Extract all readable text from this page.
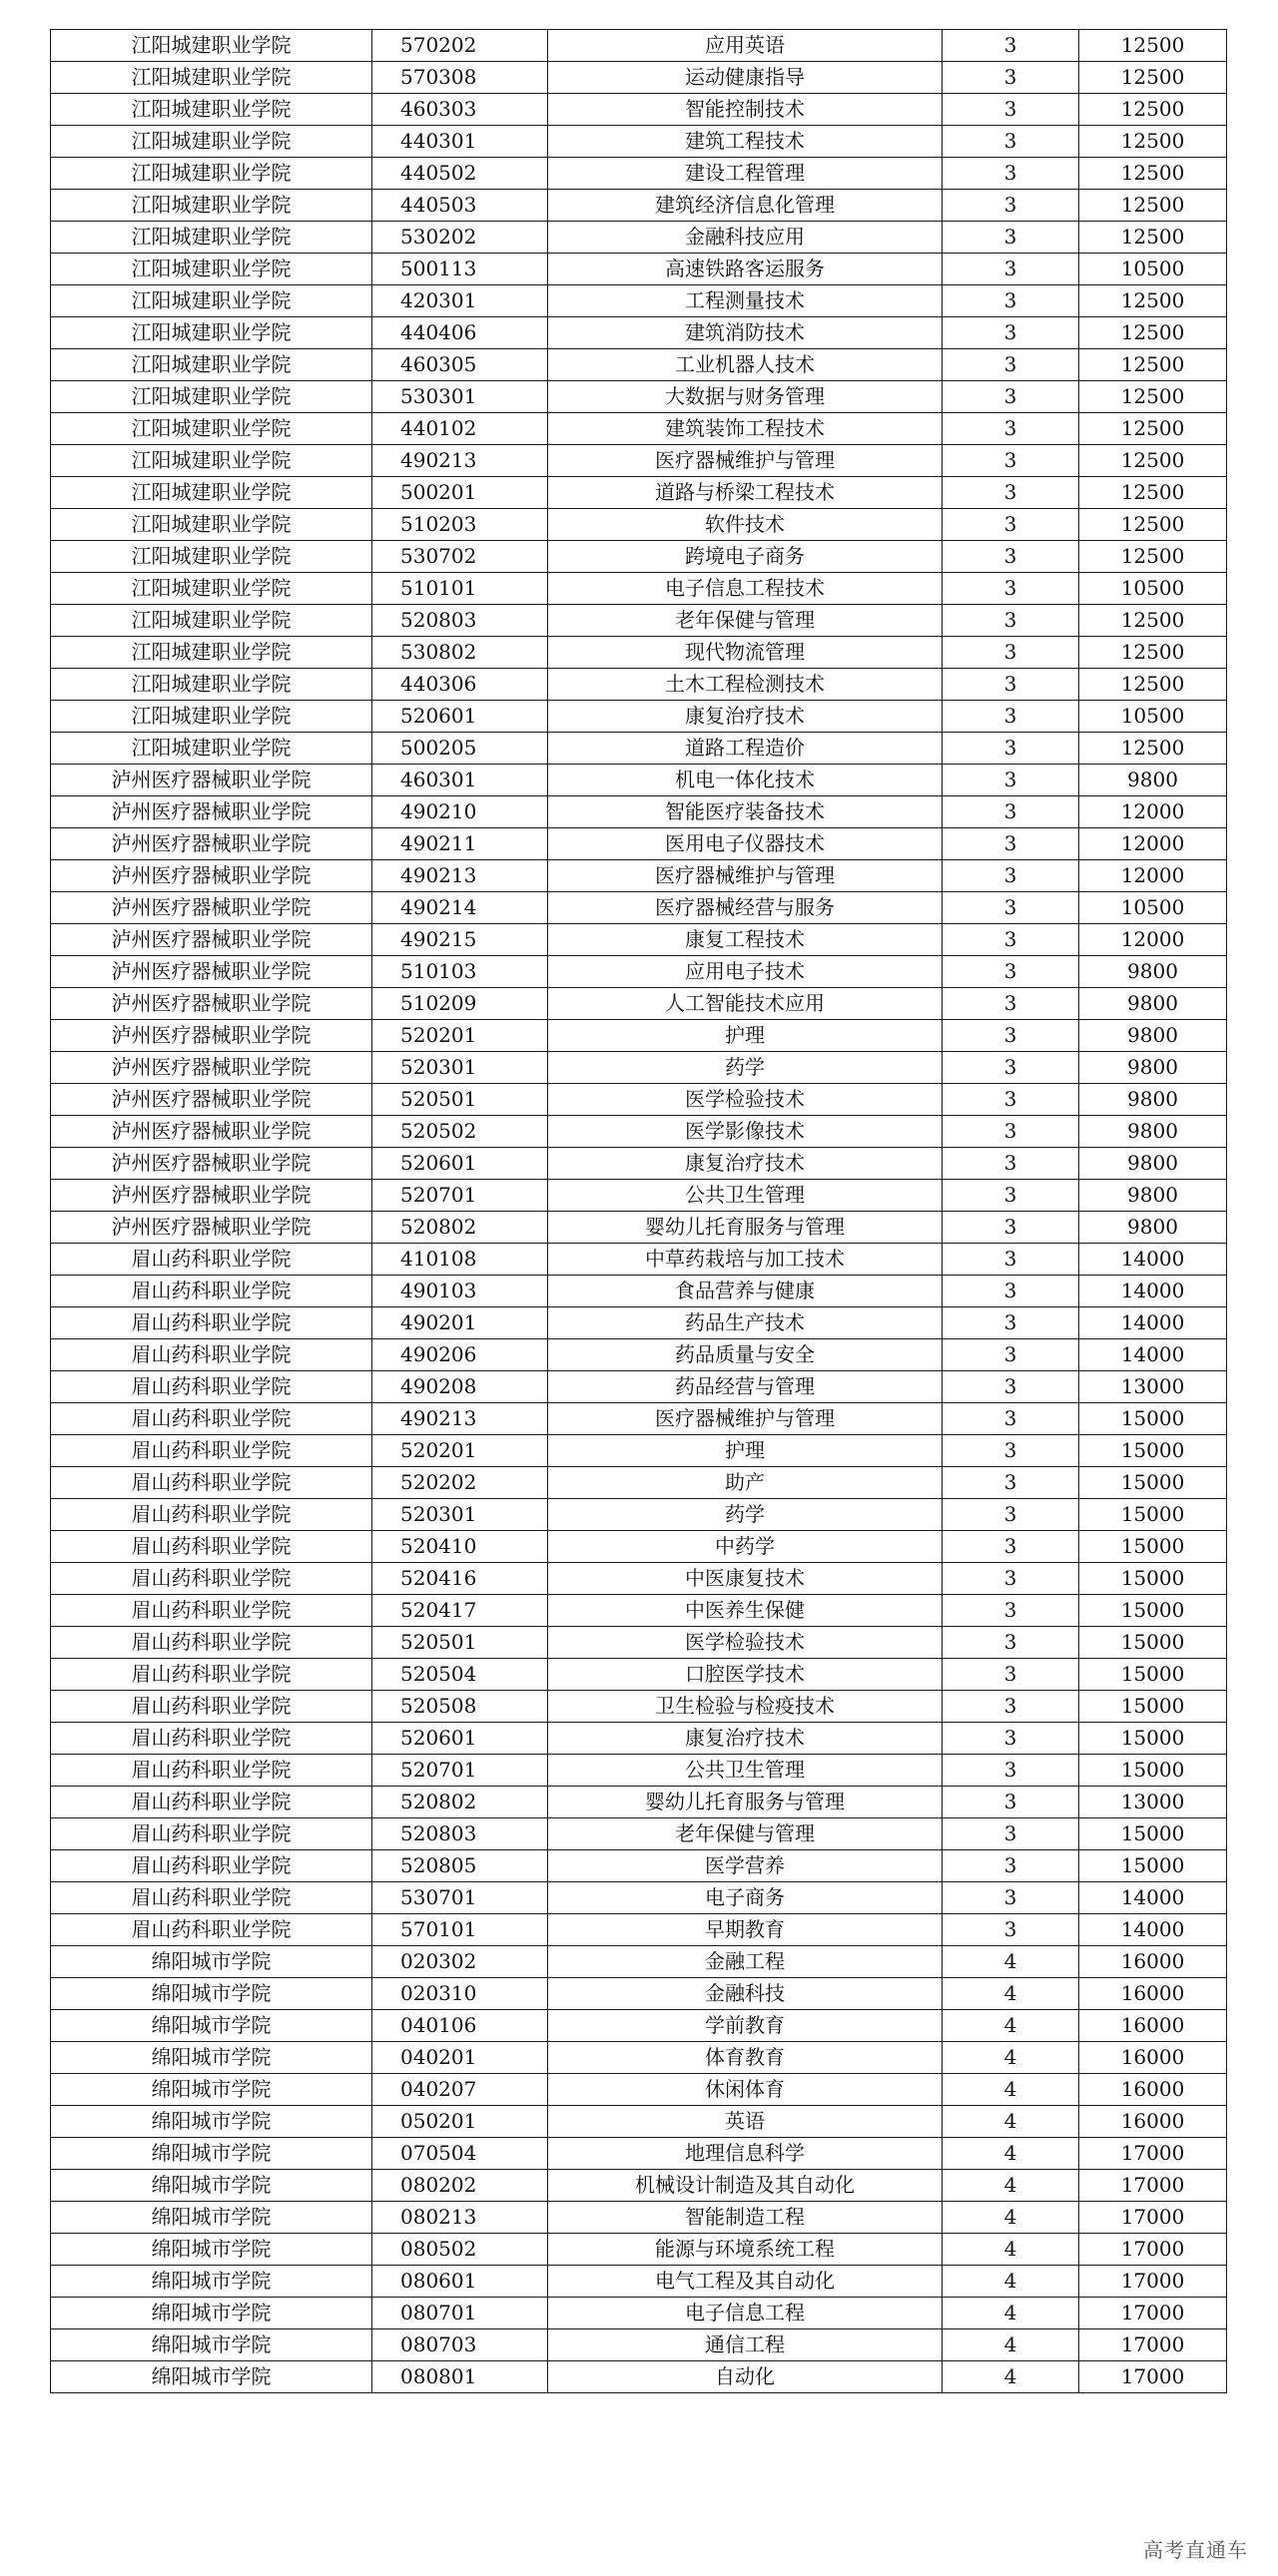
江阳城建职业学院	570202	应用英语	3	12500
江阳城建职业学院	570308	运动健康指导	3	12500
江阳城建职业学院	460303	智能控制技术	3	12500
江阳城建职业学院	440301	建筑工程技术	3	12500
江阳城建职业学院	440502	建设工程管理	3	12500
江阳城建职业学院	440503	建筑经济信息化管理	3	12500
江阳城建职业学院	530202	金融科技应用	3	12500
江阳城建职业学院	500113	高速铁路客运服务	3	10500
江阳城建职业学院	420301	工程测量技术	3	12500
江阳城建职业学院	440406	建筑消防技术	3	12500
江阳城建职业学院	460305	工业机器人技术	3	12500
江阳城建职业学院	530301	大数据与财务管理	3	12500
江阳城建职业学院	440102	建筑装饰工程技术	3	12500
江阳城建职业学院	490213	医疗器械维护与管理	3	12500
江阳城建职业学院	500201	道路与桥梁工程技术	3	12500
江阳城建职业学院	510203	软件技术	3	12500
江阳城建职业学院	530702	跨境电子商务	3	12500
江阳城建职业学院	510101	电子信息工程技术	3	10500
江阳城建职业学院	520803	老年保健与管理	3	12500
江阳城建职业学院	530802	现代物流管理	3	12500
江阳城建职业学院	440306	土木工程检测技术	3	12500
江阳城建职业学院	520601	康复治疗技术	3	10500
江阳城建职业学院	500205	道路工程造价	3	12500
泸州医疗器械职业学院	460301	机电一体化技术	3	9800
泸州医疗器械职业学院	490210	智能医疗装备技术	3	12000
泸州医疗器械职业学院	490211	医用电子仪器技术	3	12000
泸州医疗器械职业学院	490213	医疗器械维护与管理	3	12000
泸州医疗器械职业学院	490214	医疗器械经营与服务	3	10500
泸州医疗器械职业学院	490215	康复工程技术	3	12000
泸州医疗器械职业学院	510103	应用电子技术	3	9800
泸州医疗器械职业学院	510209	人工智能技术应用	3	9800
泸州医疗器械职业学院	520201	护理	3	9800
泸州医疗器械职业学院	520301	药学	3	9800
泸州医疗器械职业学院	520501	医学检验技术	3	9800
泸州医疗器械职业学院	520502	医学影像技术	3	9800
泸州医疗器械职业学院	520601	康复治疗技术	3	9800
泸州医疗器械职业学院	520701	公共卫生管理	3	9800
泸州医疗器械职业学院	520802	婴幼儿托育服务与管理	3	9800
眉山药科职业学院	410108	中草药栽培与加工技术	3	14000
眉山药科职业学院	490103	食品营养与健康	3	14000
眉山药科职业学院	490201	药品生产技术	3	14000
眉山药科职业学院	490206	药品质量与安全	3	14000
眉山药科职业学院	490208	药品经营与管理	3	13000
眉山药科职业学院	490213	医疗器械维护与管理	3	15000
眉山药科职业学院	520201	护理	3	15000
眉山药科职业学院	520202	助产	3	15000
眉山药科职业学院	520301	药学	3	15000
眉山药科职业学院	520410	中药学	3	15000
眉山药科职业学院	520416	中医康复技术	3	15000
眉山药科职业学院	520417	中医养生保健	3	15000
眉山药科职业学院	520501	医学检验技术	3	15000
眉山药科职业学院	520504	口腔医学技术	3	15000
眉山药科职业学院	520508	卫生检验与检疫技术	3	15000
眉山药科职业学院	520601	康复治疗技术	3	15000
眉山药科职业学院	520701	公共卫生管理	3	15000
眉山药科职业学院	520802	婴幼儿托育服务与管理	3	13000
眉山药科职业学院	520803	老年保健与管理	3	15000
眉山药科职业学院	520805	医学营养	3	15000
眉山药科职业学院	530701	电子商务	3	14000
眉山药科职业学院	570101	早期教育	3	14000
绵阳城市学院	020302	金融工程	4	16000
绵阳城市学院	020310	金融科技	4	16000
绵阳城市学院	040106	学前教育	4	16000
绵阳城市学院	040201	体育教育	4	16000
绵阳城市学院	040207	休闲体育	4	16000
绵阳城市学院	050201	英语	4	16000
绵阳城市学院	070504	地理信息科学	4	17000
绵阳城市学院	080202	机械设计制造及其自动化	4	17000
绵阳城市学院	080213	智能制造工程	4	17000
绵阳城市学院	080502	能源与环境系统工程	4	17000
绵阳城市学院	080601	电气工程及其自动化	4	17000
绵阳城市学院	080701	电子信息工程	4	17000
绵阳城市学院	080703	通信工程	4	17000
绵阳城市学院	080801	自动化	4	17000
高考直通车
